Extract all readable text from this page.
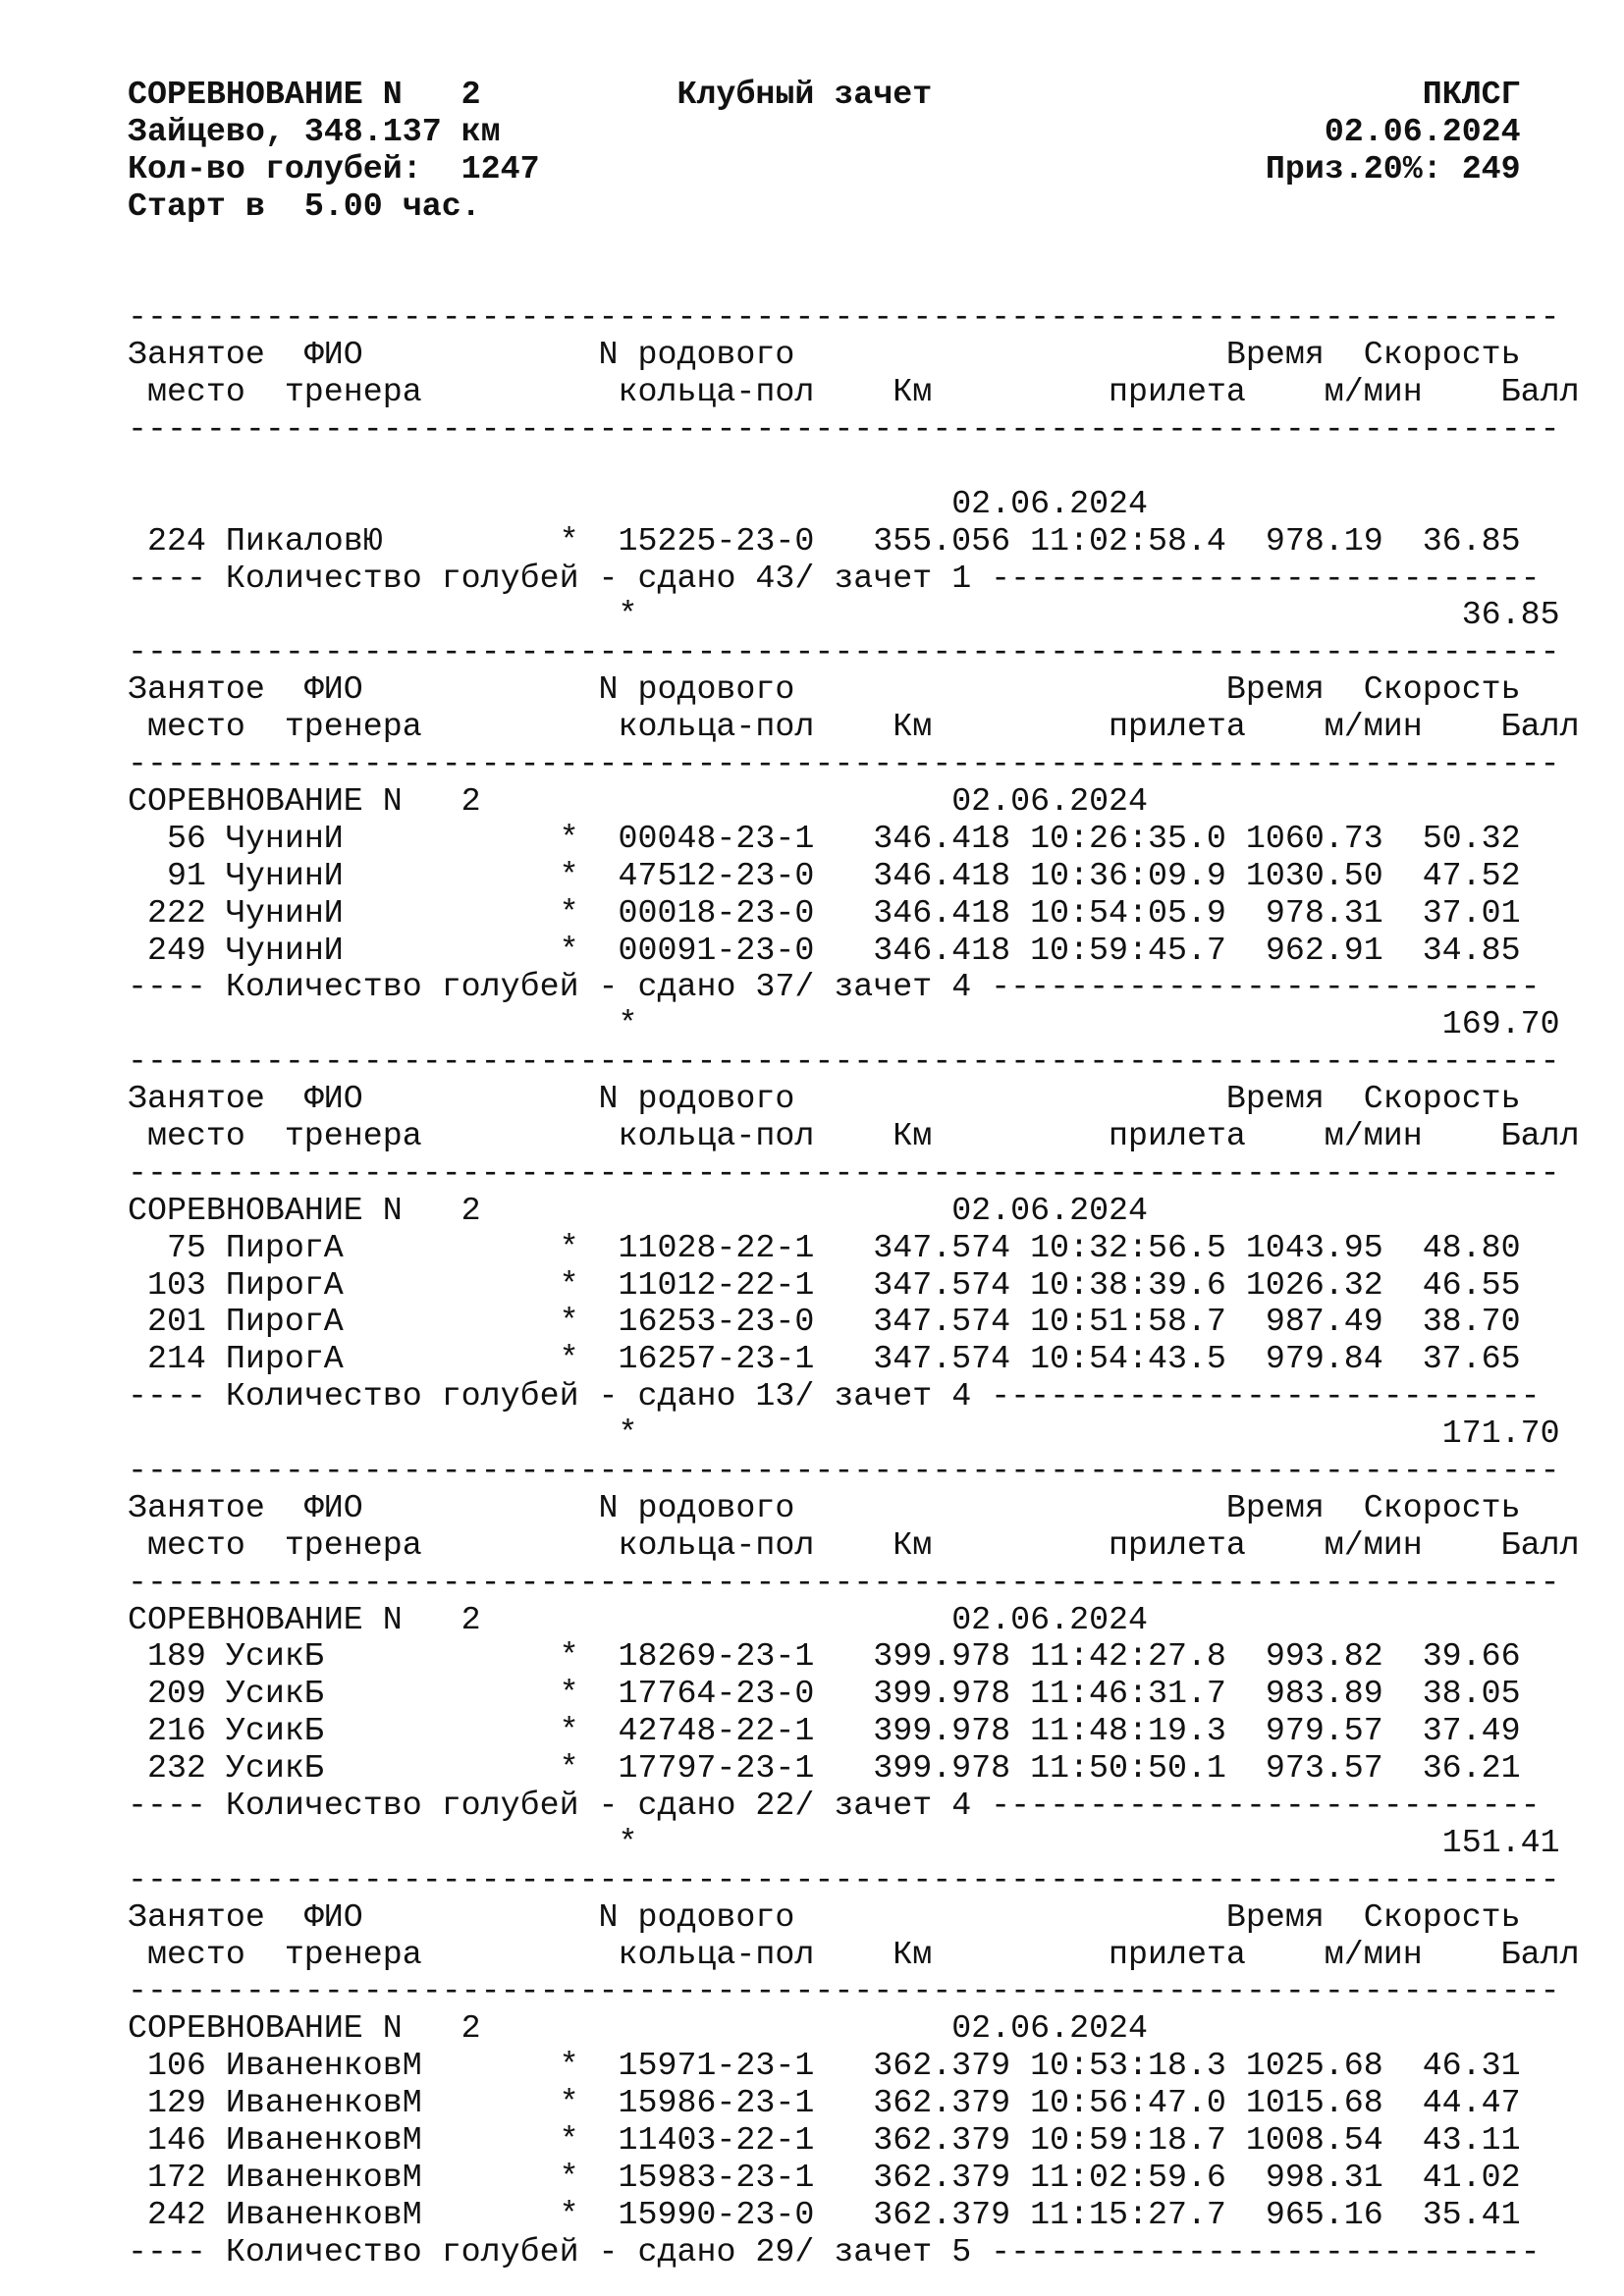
СОРЕВНОВАНИЕ N   2	Клубный зачет	ПКЛСГ
Зайцево, 348.137 км	02.06.2024
Кол-во голубей:  1247	Приз.20%: 249
Старт в  5.00 час.
-------------------------------------------------------------------------
Занятое ФИО	N родового	Время Скорость
место тренера	кольца-пол Км	прилета м/мин Балл
-------------------------------------------------------------------------
02.06.2024
224 ПикаловЮ	* 15225-23-0 355.056 11:02:58.4 978.19 36.85
---- Количество голубей - сдано 43/ зачет 1 ----------------------------
*	36.85
-------------------------------------------------------------------------
Занятое ФИО	N родового	Время Скорость
место тренера	кольца-пол Км	прилета м/мин Балл
-------------------------------------------------------------------------
СОРЕВНОВАНИЕ N   2	02.06.2024
56 ЧунинИ	* 00048-23-1 346.418 10:26:35.0 1060.73 50.32
91 ЧунинИ	* 47512-23-0 346.418 10:36:09.9 1030.50 47.52
222 ЧунинИ	* 00018-23-0 346.418 10:54:05.9 978.31 37.01
249 ЧунинИ	* 00091-23-0 346.418 10:59:45.7 962.91 34.85
---- Количество голубей - сдано 37/ зачет 4 ----------------------------
*	169.70
-------------------------------------------------------------------------
Занятое ФИО	N родового	Время Скорость
место тренера	кольца-пол Км	прилета м/мин Балл
-------------------------------------------------------------------------
СОРЕВНОВАНИЕ N   2	02.06.2024
75 ПирогА	* 11028-22-1 347.574 10:32:56.5 1043.95 48.80
103 ПирогА	* 11012-22-1 347.574 10:38:39.6 1026.32 46.55
201 ПирогА	* 16253-23-0 347.574 10:51:58.7 987.49 38.70
214 ПирогА	* 16257-23-1 347.574 10:54:43.5 979.84 37.65
---- Количество голубей - сдано 13/ зачет 4 ----------------------------
*	171.70
-------------------------------------------------------------------------
Занятое ФИО	N родового	Время Скорость
место тренера	кольца-пол Км	прилета м/мин Балл
-------------------------------------------------------------------------
СОРЕВНОВАНИЕ N   2	02.06.2024
189 УсикБ	* 18269-23-1 399.978 11:42:27.8 993.82 39.66
209 УсикБ	* 17764-23-0 399.978 11:46:31.7 983.89 38.05
216 УсикБ	* 42748-22-1 399.978 11:48:19.3 979.57 37.49
232 УсикБ	* 17797-23-1 399.978 11:50:50.1 973.57 36.21
---- Количество голубей - сдано 22/ зачет 4 ----------------------------
*	151.41
-------------------------------------------------------------------------
Занятое ФИО	N родового	Время Скорость
место тренера	кольца-пол Км	прилета м/мин Балл
-------------------------------------------------------------------------
СОРЕВНОВАНИЕ N   2	02.06.2024
106 ИваненковМ	* 15971-23-1 362.379 10:53:18.3 1025.68 46.31
129 ИваненковМ	* 15986-23-1 362.379 10:56:47.0 1015.68 44.47
146 ИваненковМ	* 11403-22-1 362.379 10:59:18.7 1008.54 43.11
172 ИваненковМ	* 15983-23-1 362.379 11:02:59.6 998.31 41.02
242 ИваненковМ	* 15990-23-0 362.379 11:15:27.7 965.16 35.41
---- Количество голубей - сдано 29/ зачет 5 ----------------------------
